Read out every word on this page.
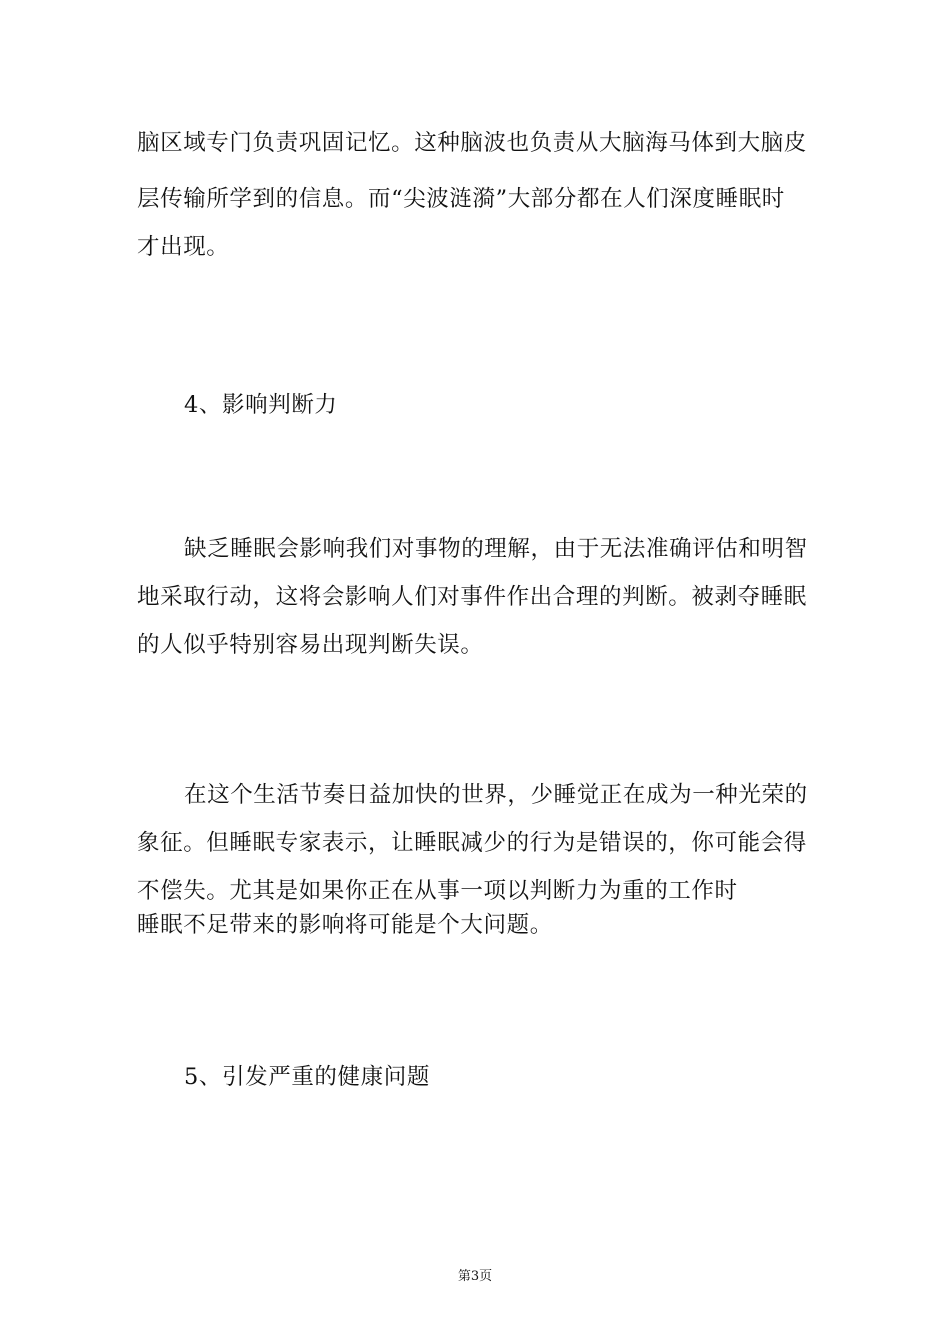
脑区域专门负责巩固记忆。这种脑波也负责从大脑海马体到大脑皮
层传输所学到的信息。而“尖波涟漪”大部分都在人们深度睡眠时
才出现。
4、影响判断力
缺乏睡眠会影响我们对事物的理解，由于无法准确评估和明智
地采取行动，这将会影响人们对事件作出合理的判断。被剥夺睡眠
的人似乎特别容易出现判断失误。
在这个生活节奏日益加快的世界，少睡觉正在成为一种光荣的
象征。但睡眠专家表示，让睡眠减少的行为是错误的，你可能会得
不偿失。尤其是如果你正在从事一项以判断力为重的工作时
睡眠不足带来的影响将可能是个大问题。
5、引发严重的健康问题
第3页
